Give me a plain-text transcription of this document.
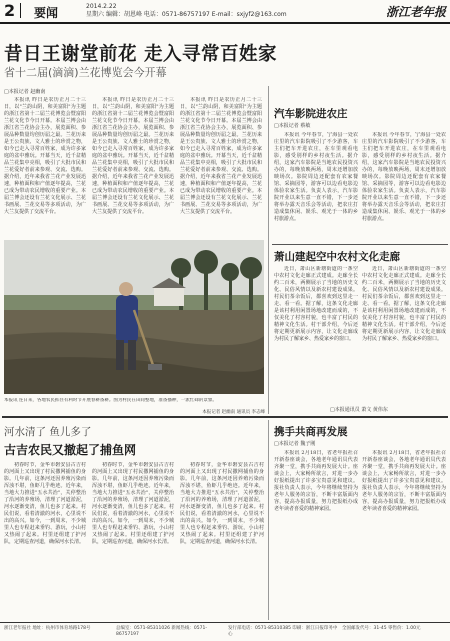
2 要闻	2014.2.22
星期六 编辑：胡恩峰 电话：0571-86757197 E-mail：sxjyf2@163.com	浙江老年报
昔日王谢堂前花 走入寻常百姓家
省十二届(滴滴)兰花博览会今开幕
□本报记者 赵幽南

本报讯 昨日是农历正月二十三日，以"兰韵山阴，和美富阳"为主题的浙江省第十二届兰花博览会暨富阳兰花文化节今日开幕。本届兰博会由浙江省兰花协会主办，展览面积、参展品种数量均创历届之最。兰花历来是王公贵族、文人雅士的珍赏之物，如今已走入寻常百姓家，成为许多家庭的盆中雅玩。开幕当天，近千盆精品兰花集中亮相，吸引了大批市民和兰花爱好者前来参观、交流、选购。据介绍，近年来我省兰花产业发展迅速，种植面积和产值逐年提高，兰花已成为带动农民增收的重要产业。本届兰博会还设有兰花文化展示、兰花书画展、兰花交易等多项活动，为广大兰友提供了交流平台。

本报讯 昨日是农历正月二十三日，以"兰韵山阴，和美富阳"为主题的浙江省第十二届兰花博览会暨富阳兰花文化节今日开幕。本届兰博会由浙江省兰花协会主办，展览面积、参展品种数量均创历届之最。兰花历来是王公贵族、文人雅士的珍赏之物，如今已走入寻常百姓家，成为许多家庭的盆中雅玩。开幕当天，近千盆精品兰花集中亮相，吸引了大批市民和兰花爱好者前来参观、交流、选购。据介绍，近年来我省兰花产业发展迅速，种植面积和产值逐年提高，兰花已成为带动农民增收的重要产业。本届兰博会还设有兰花文化展示、兰花书画展、兰花交易等多项活动，为广大兰友提供了交流平台。

本报讯 昨日是农历正月二十三日，以"兰韵山阴，和美富阳"为主题的浙江省第十二届兰花博览会暨富阳兰花文化节今日开幕。本届兰博会由浙江省兰花协会主办，展览面积、参展品种数量均创历届之最。兰花历来是王公贵族、文人雅士的珍赏之物，如今已走入寻常百姓家，成为许多家庭的盆中雅玩。开幕当天，近千盆精品兰花集中亮相，吸引了大批市民和兰花爱好者前来参观、交流、选购。据介绍，近年来我省兰花产业发展迅速，种植面积和产值逐年提高，兰花已成为带动农民增收的重要产业。本届兰博会还设有兰花文化展示、兰花书画展、兰花交易等多项活动，为广大兰友提供了交流平台。

本报讯 连日来，各地农民抓住有利时节开展春耕备耕。图为村民在田间整地，准备播种，一派忙碌的景象。
本报记者 赵幽南 通讯员 李志峰
汽车影院进农庄
□本报记者 蔡敏

本报讯 今年春节，宁海县一处农庄里的汽车影院吸引了不少游客，车主们把车开进农庄，在车里观看电影，感受别样的乡村夜生活。据介绍，这家汽车影院是当地农民投资兴办的，每晚放映两场，周末还增加放映场次。影院周边还配套有农家餐馆、采摘园等，游客可以边看电影边体验农家生活。负责人表示，汽车影院开业以来生意一直不错，下一步还将举办露天音乐会等活动，把农庄打造成集休闲、娱乐、观光于一体的乡村旅游点。

本报讯 今年春节，宁海县一处农庄里的汽车影院吸引了不少游客，车主们把车开进农庄，在车里观看电影，感受别样的乡村夜生活。据介绍，这家汽车影院是当地农民投资兴办的，每晚放映两场，周末还增加放映场次。影院周边还配套有农家餐馆、采摘园等，游客可以边看电影边体验农家生活。负责人表示，汽车影院开业以来生意一直不错，下一步还将举办露天音乐会等活动，把农庄打造成集休闲、娱乐、观光于一体的乡村旅游点。

萧山建起空中农村文化走廊

近日，萧山区新塘街道的一条空中农村文化走廊正式建成。走廊全长约二百米，两侧展示了当地的历史文化、民俗风情以及新农村建设成果。村民们茶余饭后，都喜欢到这里走一走、看一看。据了解，这条文化走廊是该村利用闲置场地改建而成的，不仅美化了村容村貌，也丰富了村民的精神文化生活。村干部介绍，今后还将定期更新展示内容，让文化走廊成为村民了解家乡、热爱家乡的窗口。

近日，萧山区新塘街道的一条空中农村文化走廊正式建成。走廊全长约二百米，两侧展示了当地的历史文化、民俗风情以及新农村建设成果。村民们茶余饭后，都喜欢到这里走一走、看一看。据了解，这条文化走廊是该村利用闲置场地改建而成的，不仅美化了村容村貌，也丰富了村民的精神文化生活。村干部介绍，今后还将定期更新展示内容，让文化走廊成为村民了解家乡、热爱家乡的窗口。

□本报通讯员 萧文 黄伟东
河水清了 鱼儿多了
古吉农民又撤起了捕鱼网

初春时节，金华市磐安县古吉村的河面上又出现了村民撒网捕鱼的身影。几年前，这条河还因养殖污染而浑浊不堪，鱼虾几乎绝迹。近年来，当地大力推进"五水共治"，关停整治了沿河的养殖场，清理了河道淤泥，河水逐渐变清，鱼儿也多了起来。村民们说，看着清澈的河水，心里说不出的高兴。如今，一到周末，不少城里人也专程赶来垂钓、游玩，小山村又热闹了起来。村里还组建了护河队，定期巡查河道，确保河水长清。

初春时节，金华市磐安县古吉村的河面上又出现了村民撒网捕鱼的身影。几年前，这条河还因养殖污染而浑浊不堪，鱼虾几乎绝迹。近年来，当地大力推进"五水共治"，关停整治了沿河的养殖场，清理了河道淤泥，河水逐渐变清，鱼儿也多了起来。村民们说，看着清澈的河水，心里说不出的高兴。如今，一到周末，不少城里人也专程赶来垂钓、游玩，小山村又热闹了起来。村里还组建了护河队，定期巡查河道，确保河水长清。

初春时节，金华市磐安县古吉村的河面上又出现了村民撒网捕鱼的身影。几年前，这条河还因养殖污染而浑浊不堪，鱼虾几乎绝迹。近年来，当地大力推进"五水共治"，关停整治了沿河的养殖场，清理了河道淤泥，河水逐渐变清，鱼儿也多了起来。村民们说，看着清澈的河水，心里说不出的高兴。如今，一到周末，不少城里人也专程赶来垂钓、游玩，小山村又热闹了起来。村里还组建了护河队，定期巡查河道，确保河水长清。

携手共商再发展
□本报记者 魏子刚

本报讯 2月18日，省老年报社召开新春座谈会，各地老年通讯员代表齐聚一堂，携手共商再发展大计。座谈会上，大家畅所欲言，对进一步办好报纸提出了许多宝贵意见和建议。报社负责人表示，今年将继续坚持为老年人服务的宗旨，不断丰富版面内容，提高办报质量，努力把报纸办成老年读者喜爱的精神家园。

本报讯 2月18日，省老年报社召开新春座谈会，各地老年通讯员代表齐聚一堂，携手共商再发展大计。座谈会上，大家畅所欲言，对进一步办好报纸提出了许多宝贵意见和建议。报社负责人表示，今年将继续坚持为老年人服务的宗旨，不断丰富版面内容，提高办报质量，努力把报纸办成老年读者喜爱的精神家园。

浙江老年报社 地址：杭州市体育场路178号	总编室：0571-85311026 新闻热线：0571-86757197
发行部电话：0571-85310385 印刷：浙江日报印务中心
全国邮发代号：31-45 零售价：1.00元
